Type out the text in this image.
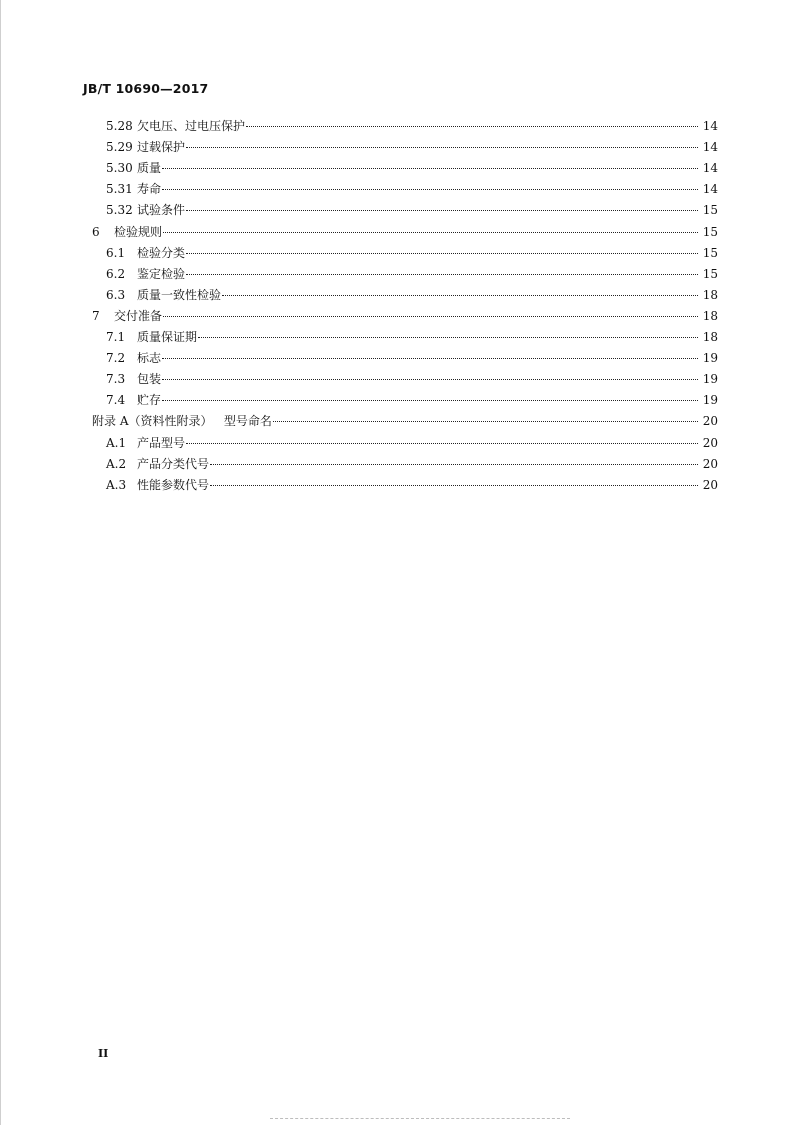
JB/T 10690—2017
5.28 欠电压、过电压保护	14
5.29 过载保护	14
5.30 质量	14
5.31 寿命	14
5.32 试验条件	15
6	检验规则	15
6.1 检验分类	15
6.2 鉴定检验	15
6.3 质量一致性检验	18
7	交付准备	18
7.1 质量保证期	18
7.2 标志	19
7.3 包装	19
7.4 贮存	19
附录 A（资料性附录）   型号命名	20
A.1 产品型号	20
A.2 产品分类代号	20
A.3 性能参数代号	20
II
